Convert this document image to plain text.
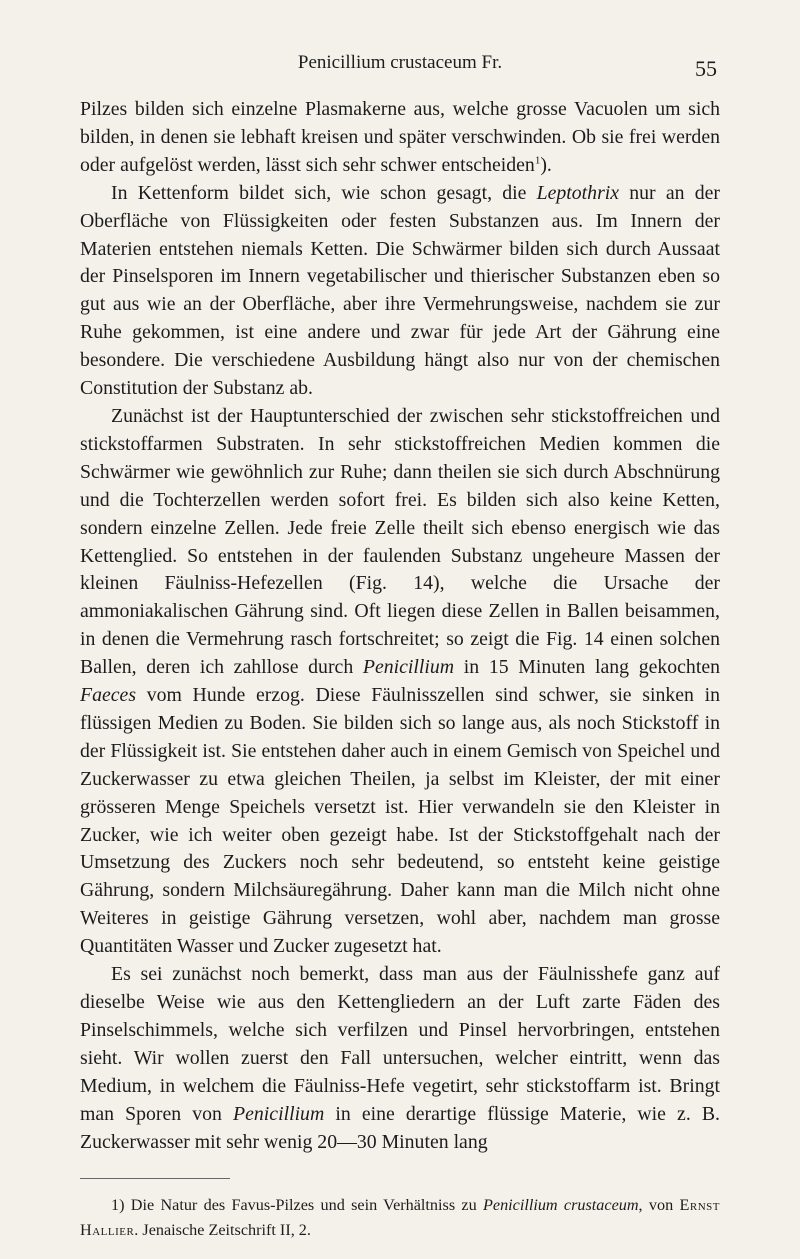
Penicillium crustaceum Fr.	55

Pilzes bilden sich einzelne Plasmakerne aus, welche grosse Vacuolen um sich bilden, in denen sie lebhaft kreisen und später verschwinden. Ob sie frei werden oder aufgelöst werden, lässt sich sehr schwer entscheiden$^1$).

In Kettenform bildet sich, wie schon gesagt, die Leptothrix nur an der Oberfläche von Flüssigkeiten oder festen Substanzen aus. Im Innern der Materien entstehen niemals Ketten. Die Schwärmer bilden sich durch Aussaat der Pinselsporen im Innern vegetabilischer und thierischer Substanzen eben so gut aus wie an der Oberfläche, aber ihre Vermehrungsweise, nachdem sie zur Ruhe gekommen, ist eine andere und zwar für jede Art der Gährung eine besondere. Die verschiedene Ausbildung hängt also nur von der chemischen Constitution der Substanz ab.

Zunächst ist der Hauptunterschied der zwischen sehr stickstoffreichen und stickstoffarmen Substraten. In sehr stickstoffreichen Medien kommen die Schwärmer wie gewöhnlich zur Ruhe; dann theilen sie sich durch Abschnürung und die Tochterzellen werden sofort frei. Es bilden sich also keine Ketten, sondern einzelne Zellen. Jede freie Zelle theilt sich ebenso energisch wie das Kettenglied. So entstehen in der faulenden Substanz ungeheure Massen der kleinen Fäulniss-Hefezellen (Fig. 14), welche die Ursache der ammoniakalischen Gährung sind. Oft liegen diese Zellen in Ballen beisammen, in denen die Vermehrung rasch fortschreitet; so zeigt die Fig. 14 einen solchen Ballen, deren ich zahllose durch Penicillium in 15 Minuten lang gekochten Faeces vom Hunde erzog. Diese Fäulnisszellen sind schwer, sie sinken in flüssigen Medien zu Boden. Sie bilden sich so lange aus, als noch Stickstoff in der Flüssigkeit ist. Sie entstehen daher auch in einem Gemisch von Speichel und Zuckerwasser zu etwa gleichen Theilen, ja selbst im Kleister, der mit einer grösseren Menge Speichels versetzt ist. Hier verwandeln sie den Kleister in Zucker, wie ich weiter oben gezeigt habe. Ist der Stickstoffgehalt nach der Umsetzung des Zuckers noch sehr bedeutend, so entsteht keine geistige Gährung, sondern Milchsäuregährung. Daher kann man die Milch nicht ohne Weiteres in geistige Gährung versetzen, wohl aber, nachdem man grosse Quantitäten Wasser und Zucker zugesetzt hat.

Es sei zunächst noch bemerkt, dass man aus der Fäulnisshefe ganz auf dieselbe Weise wie aus den Kettengliedern an der Luft zarte Fäden des Pinselschimmels, welche sich verfilzen und Pinsel hervorbringen, entstehen sieht. Wir wollen zuerst den Fall untersuchen, welcher eintritt, wenn das Medium, in welchem die Fäulniss-Hefe vegetirt, sehr stickstoffarm ist. Bringt man Sporen von Penicillium in eine derartige flüssige Materie, wie z. B. Zuckerwasser mit sehr wenig 20—30 Minuten lang

1) Die Natur des Favus-Pilzes und sein Verhältniss zu Penicillium crustaceum, von Ernst Hallier. Jenaische Zeitschrift II, 2.
